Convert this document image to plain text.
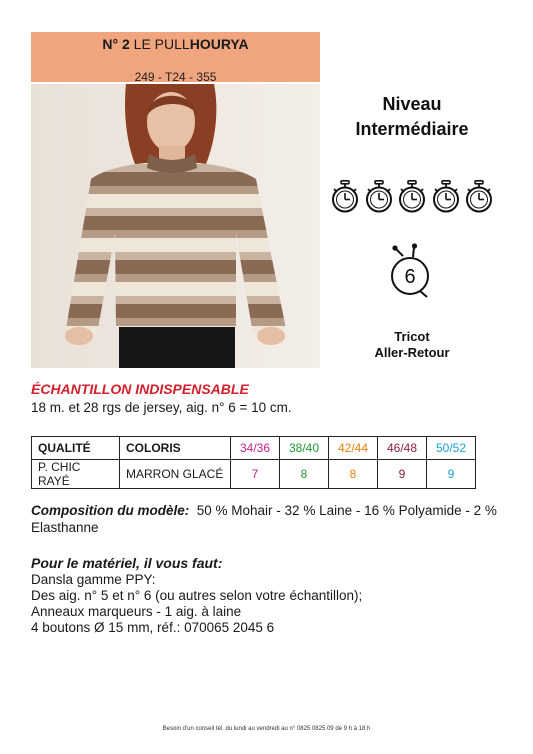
N° 2 LE PULLHOURYA
249 - T24 - 355
Niveau
Intermédiaire
6
Tricot
Aller-Retour
ÉCHANTILLON INDISPENSABLE
18 m. et 28 rgs de jersey, aig. n° 6 = 10 cm.
QUALITÉ	COLORIS	34/36	38/40	42/44	46/48	50/52
P. CHIC RAYÉ	MARRON GLACÉ	7	8	8	9	9
Composition du modèle: 50 % Mohair - 32 % Laine - 16 % Polyamide - 2 % Elasthanne
Pour le matériel, il vous faut:
Dansla gamme PPY:
Des aig. n° 5 et n° 6 (ou autres selon votre échantillon);
Anneaux marqueurs - 1 aig. à laine
4 boutons Ø 15 mm, réf.: 070065 2045 6
Besoin d'un conseil tél. du lundi au vendredi au n° 0825 0825 09 de 9 h à 18 h
